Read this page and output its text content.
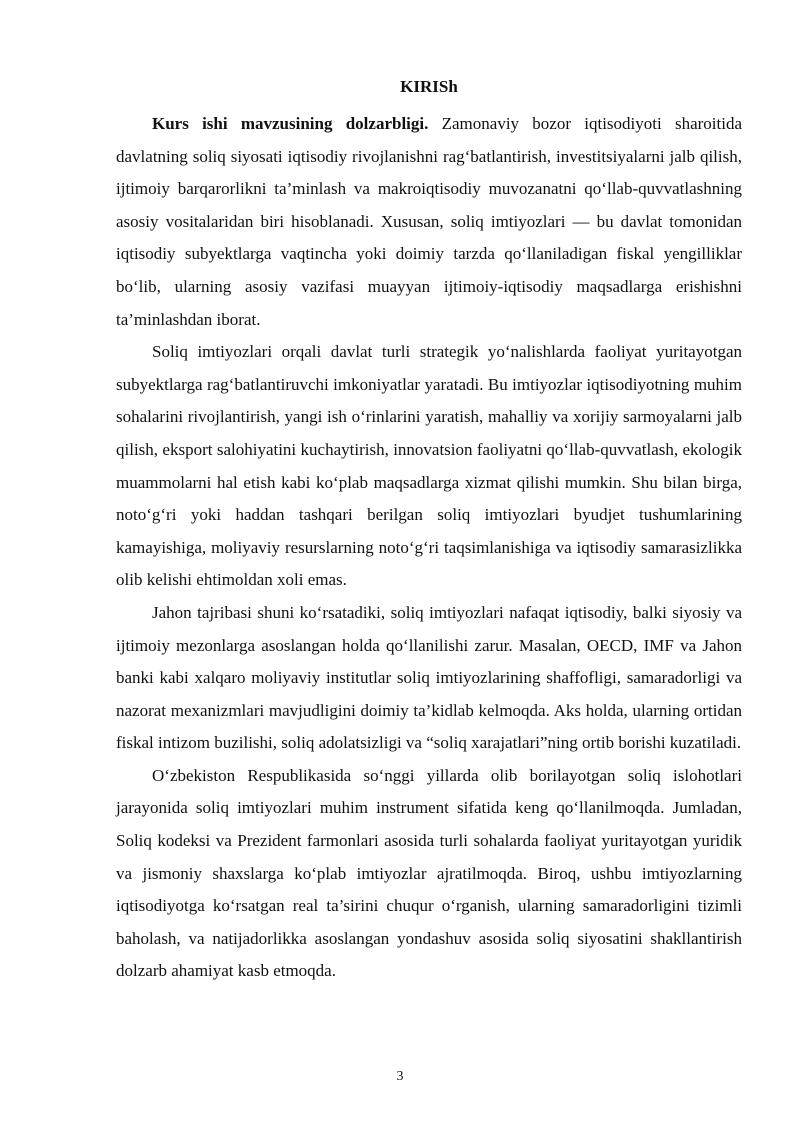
KIRISh

Kurs ishi mavzusining dolzarbligi. Zamonaviy bozor iqtisodiyoti sharoitida davlatning soliq siyosati iqtisodiy rivojlanishni rag‘batlantirish, investitsiyalarni jalb qilish, ijtimoiy barqarorlikni ta’minlash va makroiqtisodiy muvozanatni qo‘llab-quvvatlashning asosiy vositalaridan biri hisoblanadi. Xususan, soliq imtiyozlari — bu davlat tomonidan iqtisodiy subyektlarga vaqtincha yoki doimiy tarzda qo‘llaniladigan fiskal yengilliklar bo‘lib, ularning asosiy vazifasi muayyan ijtimoiy-iqtisodiy maqsadlarga erishishni ta’minlashdan iborat.

Soliq imtiyozlari orqali davlat turli strategik yo‘nalishlarda faoliyat yuritayotgan subyektlarga rag‘batlantiruvchi imkoniyatlar yaratadi. Bu imtiyozlar iqtisodiyotning muhim sohalarini rivojlantirish, yangi ish o‘rinlarini yaratish, mahalliy va xorijiy sarmoyalarni jalb qilish, eksport salohiyatini kuchaytirish, innovatsion faoliyatni qo‘llab-quvvatlash, ekologik muammolarni hal etish kabi ko‘plab maqsadlarga xizmat qilishi mumkin. Shu bilan birga, noto‘g‘ri yoki haddan tashqari berilgan soliq imtiyozlari byudjet tushumlarining kamayishiga, moliyaviy resurslarning noto‘g‘ri taqsimlanishiga va iqtisodiy samarasizlikka olib kelishi ehtimoldan xoli emas.

Jahon tajribasi shuni ko‘rsatadiki, soliq imtiyozlari nafaqat iqtisodiy, balki siyosiy va ijtimoiy mezonlarga asoslangan holda qo‘llanilishi zarur. Masalan, OECD, IMF va Jahon banki kabi xalqaro moliyaviy institutlar soliq imtiyozlarining shaffofligi, samaradorligi va nazorat mexanizmlari mavjudligini doimiy ta’kidlab kelmoqda. Aks holda, ularning ortidan fiskal intizom buzilishi, soliq adolatsizligi va “soliq xarajatlari”ning ortib borishi kuzatiladi.

O‘zbekiston Respublikasida so‘nggi yillarda olib borilayotgan soliq islohotlari jarayonida soliq imtiyozlari muhim instrument sifatida keng qo‘llanilmoqda. Jumladan, Soliq kodeksi va Prezident farmonlari asosida turli sohalarda faoliyat yuritayotgan yuridik va jismoniy shaxslarga ko‘plab imtiyozlar ajratilmoqda. Biroq, ushbu imtiyozlarning iqtisodiyotga ko‘rsatgan real ta’sirini chuqur o‘rganish, ularning samaradorligini tizimli baholash, va natijadorlikka asoslangan yondashuv asosida soliq siyosatini shakllantirish dolzarb ahamiyat kasb etmoqda.

3
